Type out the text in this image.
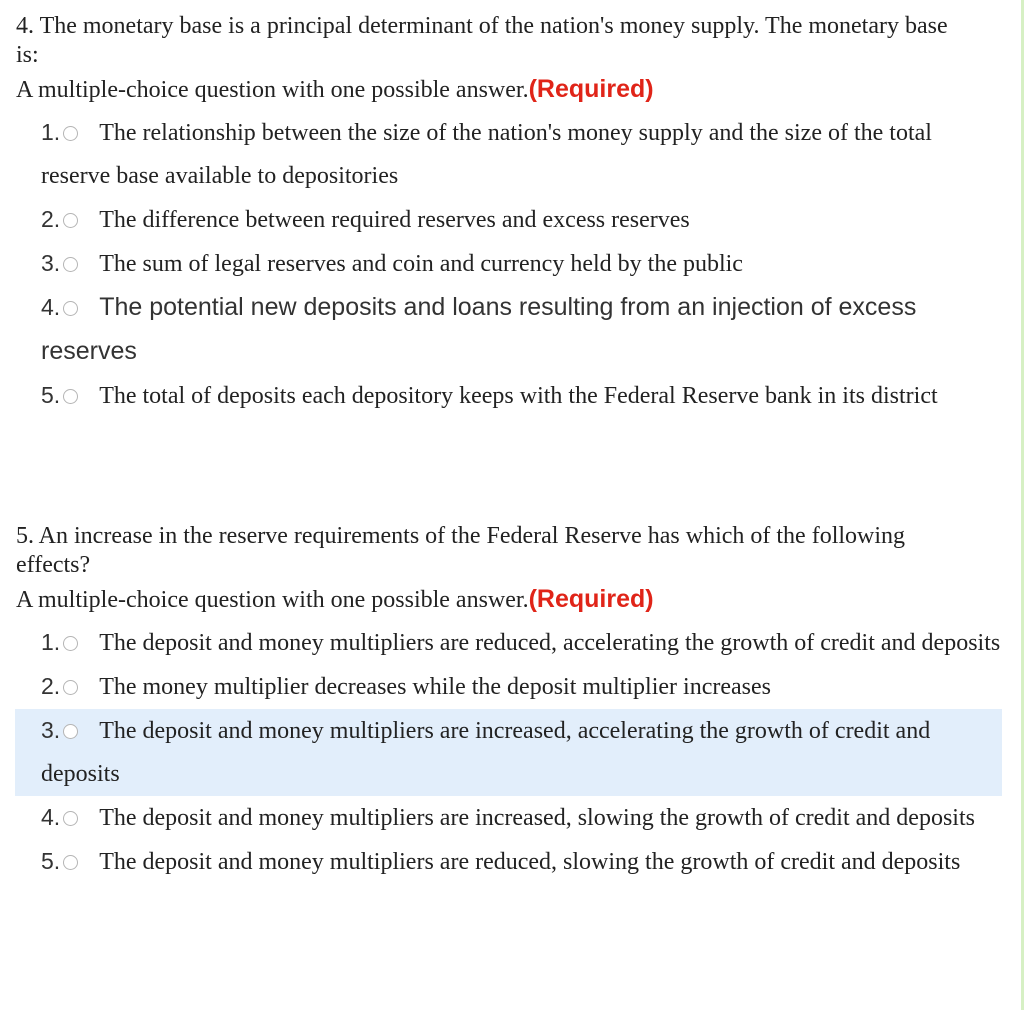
4. The monetary base is a principal determinant of the nation's money supply. The monetary base is:
A multiple-choice question with one possible answer.(Required)
1. The relationship between the size of the nation's money supply and the size of the total reserve base available to depositories
2. The difference between required reserves and excess reserves
3. The sum of legal reserves and coin and currency held by the public
4. The potential new deposits and loans resulting from an injection of excess reserves
5. The total of deposits each depository keeps with the Federal Reserve bank in its district
5. An increase in the reserve requirements of the Federal Reserve has which of the following effects?
A multiple-choice question with one possible answer.(Required)
1. The deposit and money multipliers are reduced, accelerating the growth of credit and deposits
2. The money multiplier decreases while the deposit multiplier increases
3. The deposit and money multipliers are increased, accelerating the growth of credit and deposits
4. The deposit and money multipliers are increased, slowing the growth of credit and deposits
5. The deposit and money multipliers are reduced, slowing the growth of credit and deposits
